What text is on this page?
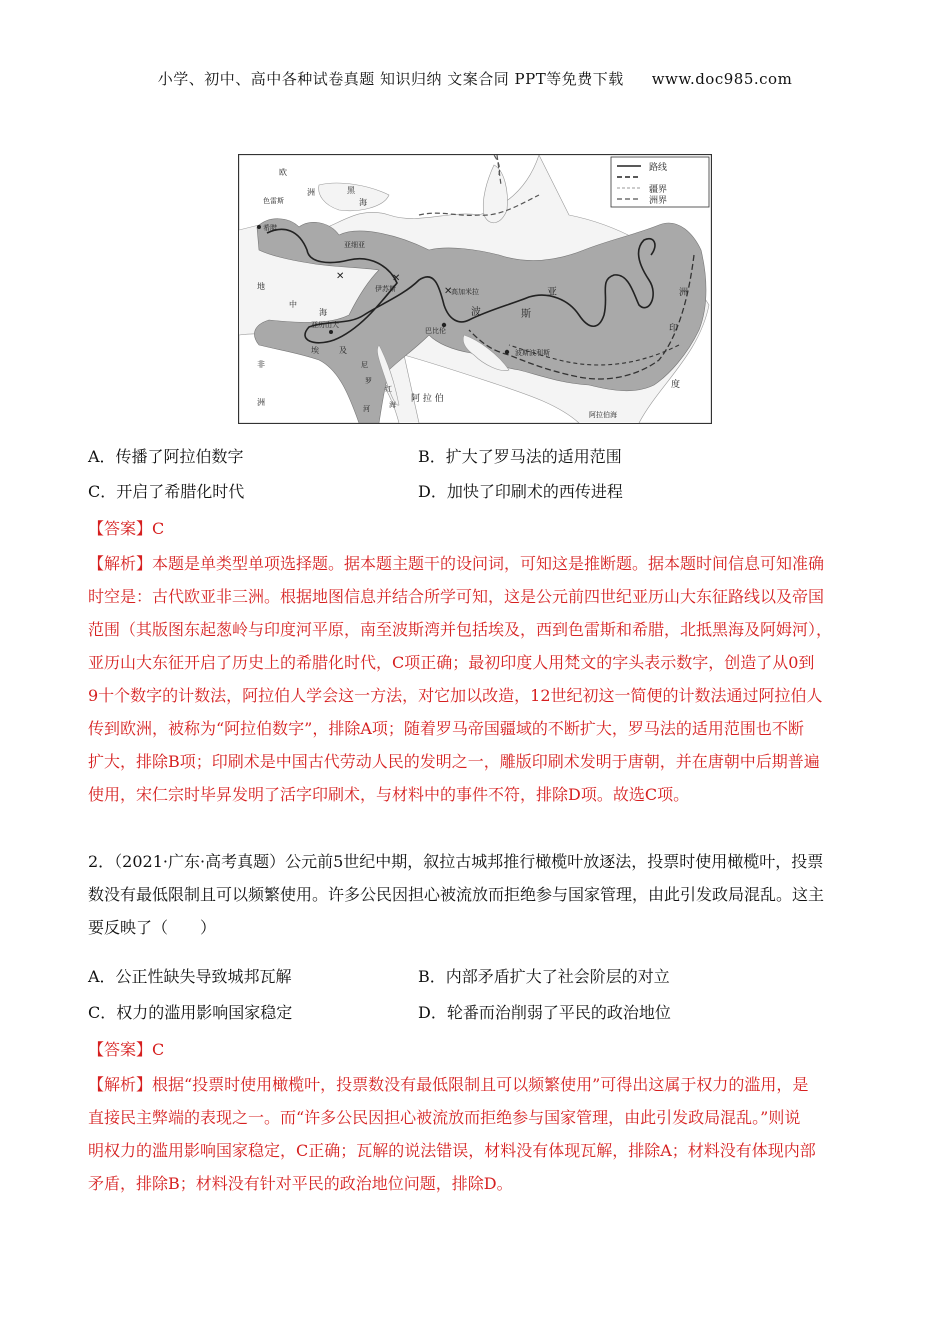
小学、初中、高中各种试卷真题 知识归纳 文案合同 PPT等免费下载 www.doc985.com
✕
✕
✕
路线
疆界
洲界
欧
洲	黑
海
色雷斯
希腊
亚细亚
伊苏斯	高加米拉
地
中
海
亚历山大
埃	及
尼
罗
红
海
河
非
洲
巴比伦
波	斯
波斯波利斯
阿 拉 伯
亚	洲
印
度
阿拉伯海
A．传播了阿拉伯数字	B．扩大了罗马法的适用范围
C．开启了希腊化时代	D．加快了印刷术的西传进程
【答案】C

【解析】本题是单类型单项选择题。据本题主题干的设问词，可知这是推断题。据本题时间信息可知准确

时空是：古代欧亚非三洲。根据地图信息并结合所学可知，这是公元前四世纪亚历山大东征路线以及帝国

范围（其版图东起葱岭与印度河平原，南至波斯湾并包括埃及，西到色雷斯和希腊，北抵黑海及阿姆河），

亚历山大东征开启了历史上的希腊化时代，C项正确；最初印度人用梵文的字头表示数字，创造了从0到

9十个数字的计数法，阿拉伯人学会这一方法，对它加以改造，12世纪初这一简便的计数法通过阿拉伯人

传到欧洲，被称为“阿拉伯数字”，排除A项；随着罗马帝国疆域的不断扩大，罗马法的适用范围也不断

扩大，排除B项；印刷术是中国古代劳动人民的发明之一，雕版印刷术发明于唐朝，并在唐朝中后期普遍

使用，宋仁宗时毕昇发明了活字印刷术，与材料中的事件不符，排除D项。故选C项。

2．（2021·广东·高考真题）公元前5世纪中期，叙拉古城邦推行橄榄叶放逐法，投票时使用橄榄叶，投票

数没有最低限制且可以频繁使用。许多公民因担心被流放而拒绝参与国家管理，由此引发政局混乱。这主

要反映了（　　）

A．公正性缺失导致城邦瓦解	B．内部矛盾扩大了社会阶层的对立
C．权力的滥用影响国家稳定	D．轮番而治削弱了平民的政治地位
【答案】C

【解析】根据“投票时使用橄榄叶，投票数没有最低限制且可以频繁使用”可得出这属于权力的滥用，是

直接民主弊端的表现之一。而“许多公民因担心被流放而拒绝参与国家管理，由此引发政局混乱。”则说

明权力的滥用影响国家稳定，C正确；瓦解的说法错误，材料没有体现瓦解，排除A；材料没有体现内部

矛盾，排除B；材料没有针对平民的政治地位问题，排除D。
